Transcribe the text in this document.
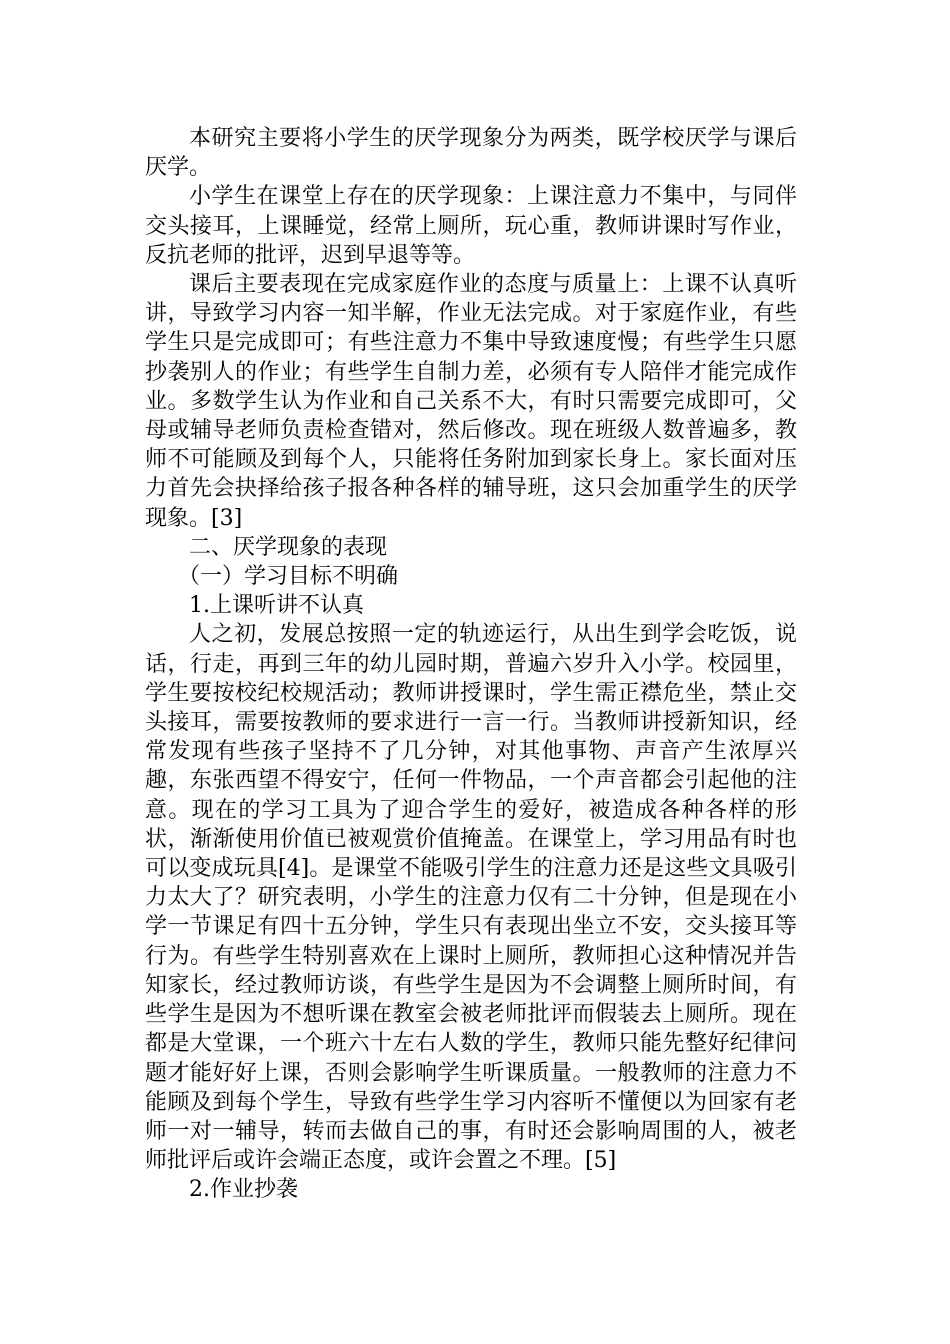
本研究主要将小学生的厌学现象分为两类，既学校厌学与课后厌学。

小学生在课堂上存在的厌学现象：上课注意力不集中，与同伴交头接耳，上课睡觉，经常上厕所，玩心重，教师讲课时写作业，反抗老师的批评，迟到早退等等。

课后主要表现在完成家庭作业的态度与质量上：上课不认真听讲，导致学习内容一知半解，作业无法完成。对于家庭作业，有些学生只是完成即可；有些注意力不集中导致速度慢；有些学生只愿抄袭别人的作业；有些学生自制力差，必须有专人陪伴才能完成作业。多数学生认为作业和自己关系不大，有时只需要完成即可，父母或辅导老师负责检查错对，然后修改。现在班级人数普遍多，教师不可能顾及到每个人，只能将任务附加到家长身上。家长面对压力首先会抉择给孩子报各种各样的辅导班，这只会加重学生的厌学现象。[3]

二、厌学现象的表现

（一）学习目标不明确

1.上课听讲不认真

人之初，发展总按照一定的轨迹运行，从出生到学会吃饭，说话，行走，再到三年的幼儿园时期，普遍六岁升入小学。校园里，学生要按校纪校规活动；教师讲授课时，学生需正襟危坐，禁止交头接耳，需要按教师的要求进行一言一行。当教师讲授新知识，经常发现有些孩子坚持不了几分钟，对其他事物、声音产生浓厚兴趣，东张西望不得安宁，任何一件物品，一个声音都会引起他的注意。现在的学习工具为了迎合学生的爱好，被造成各种各样的形状，渐渐使用价值已被观赏价值掩盖。在课堂上，学习用品有时也可以变成玩具[4]。是课堂不能吸引学生的注意力还是这些文具吸引力太大了？研究表明，小学生的注意力仅有二十分钟，但是现在小学一节课足有四十五分钟，学生只有表现出坐立不安，交头接耳等行为。有些学生特别喜欢在上课时上厕所，教师担心这种情况并告知家长，经过教师访谈，有些学生是因为不会调整上厕所时间，有些学生是因为不想听课在教室会被老师批评而假装去上厕所。现在都是大堂课，一个班六十左右人数的学生，教师只能先整好纪律问题才能好好上课，否则会影响学生听课质量。一般教师的注意力不能顾及到每个学生，导致有些学生学习内容听不懂便以为回家有老师一对一辅导，转而去做自己的事，有时还会影响周围的人，被老师批评后或许会端正态度，或许会置之不理。[5]

2.作业抄袭
